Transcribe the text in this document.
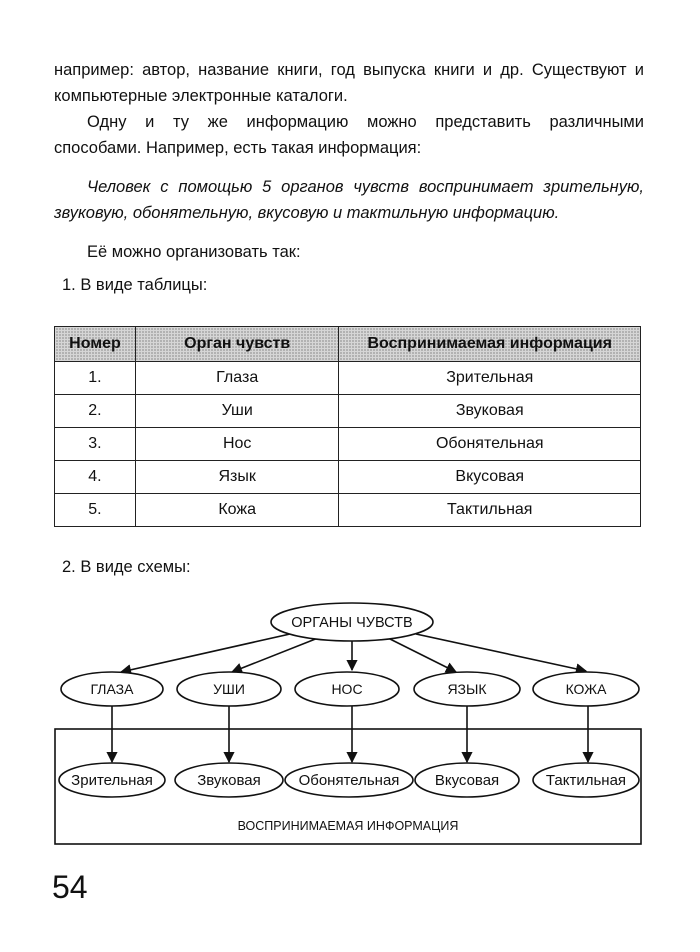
например: автор, название книги, год выпуска книги и др. Существуют и
компьютерные электронные каталоги.
Одну и ту же информацию можно представить различными
способами. Например, есть такая информация:
Человек с помощью 5 органов чувств воспринимает зрительную,
звуковую, обонятельную, вкусовую и тактильную информацию.
Её можно организовать так:
1. В виде таблицы:
Номер	Орган чувств	Воспринимаемая информация
1.	Глаза	Зрительная
2.	Уши	Звуковая
3.	Нос	Обонятельная
4.	Язык	Вкусовая
5.	Кожа	Тактильная
2. В виде схемы:
ОРГАНЫ ЧУВСТВ
ГЛАЗА	УШИ	НОС	ЯЗЫК	КОЖА
Зрительная	Звуковая	Обонятельная Вкусовая	Тактильная
ВОСПРИНИМАЕМАЯ ИНФОРМАЦИЯ
54
